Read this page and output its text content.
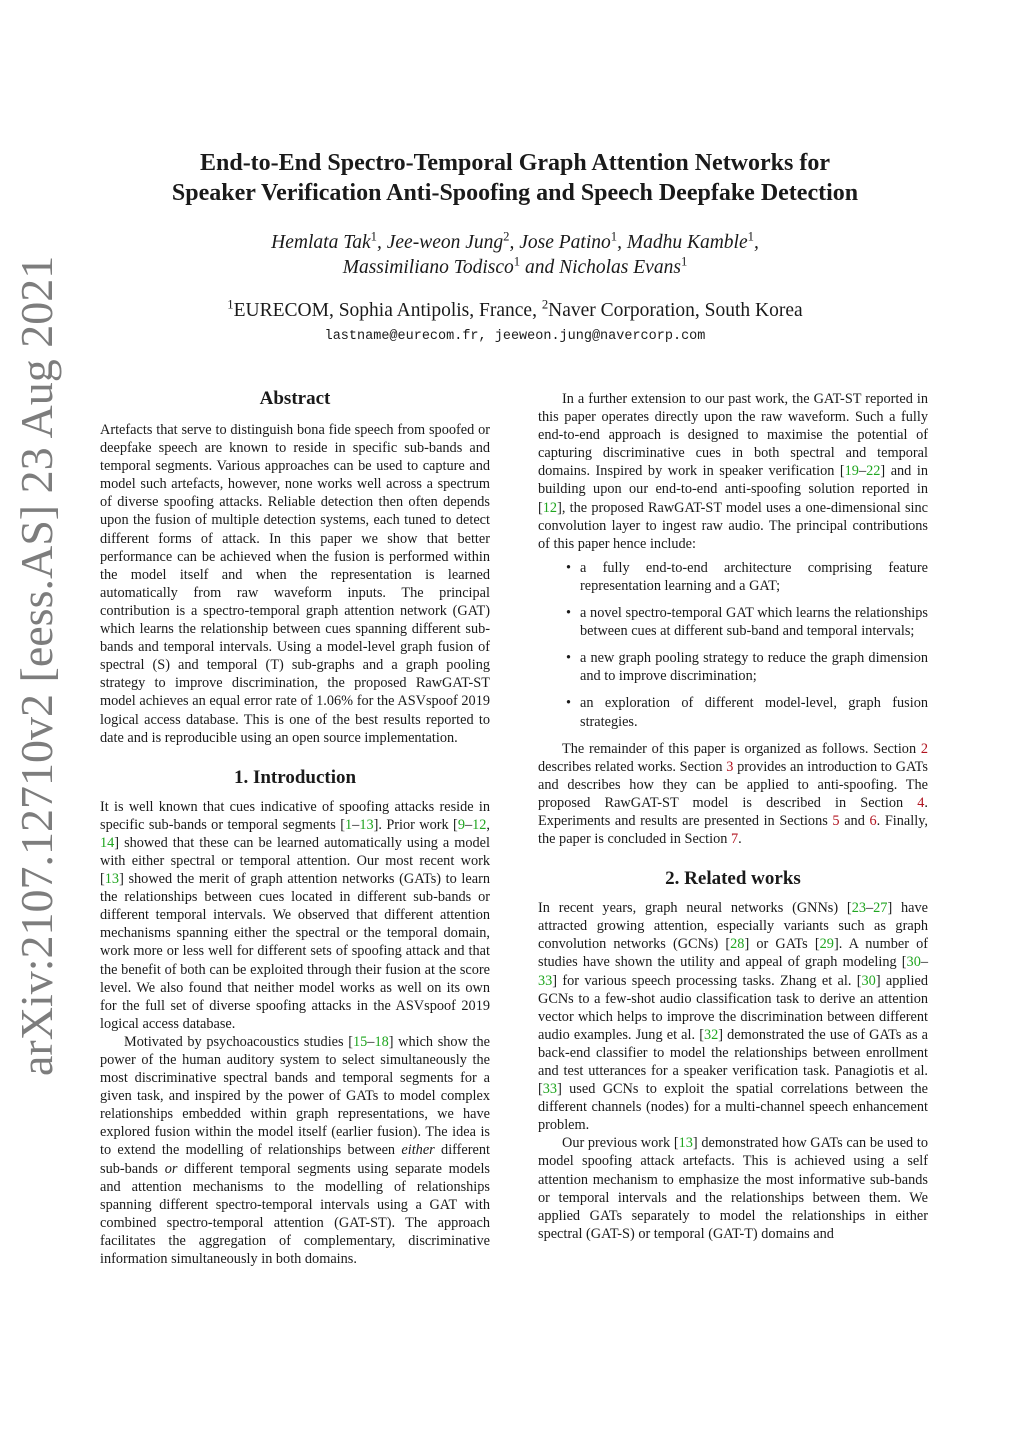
arXiv:2107.12710v2 [eess.AS] 23 Aug 2021
End-to-End Spectro-Temporal Graph Attention Networks for
Speaker Verification Anti-Spoofing and Speech Deepfake Detection
Hemlata Tak$^1$, Jee-weon Jung$^2$, Jose Patino$^1$, Madhu Kamble$^1$,
Massimiliano Todisco$^1$ and Nicholas Evans$^1$
$^1$EURECOM, Sophia Antipolis, France, $^2$Naver Corporation, South Korea
lastname@eurecom.fr, jeeweon.jung@navercorp.com
Abstract

Artefacts that serve to distinguish bona fide speech from spoofed or deepfake speech are known to reside in specific sub-bands and temporal segments. Various approaches can be used to capture and model such artefacts, however, none works well across a spectrum of diverse spoofing attacks. Reliable detection then often depends upon the fusion of multiple detection systems, each tuned to detect different forms of attack. In this paper we show that better performance can be achieved when the fusion is performed within the model itself and when the representation is learned automatically from raw waveform inputs. The principal contribution is a spectro-temporal graph attention network (GAT) which learns the relationship between cues spanning different sub-bands and temporal intervals. Using a model-level graph fusion of spectral (S) and temporal (T) sub-graphs and a graph pooling strategy to improve discrimination, the proposed RawGAT-ST model achieves an equal error rate of 1.06% for the ASVspoof 2019 logical access database. This is one of the best results reported to date and is reproducible using an open source implementation.

1. Introduction

It is well known that cues indicative of spoofing attacks reside in specific sub-bands or temporal segments [1–13]. Prior work [9–12, 14] showed that these can be learned automatically using a model with either spectral or temporal attention. Our most recent work [13] showed the merit of graph attention networks (GATs) to learn the relationships between cues located in different sub-bands or different temporal intervals. We observed that different attention mechanisms spanning either the spectral or the temporal domain, work more or less well for different sets of spoofing attack and that the benefit of both can be exploited through their fusion at the score level. We also found that neither model works as well on its own for the full set of diverse spoofing attacks in the ASVspoof 2019 logical access database.

Motivated by psychoacoustics studies [15–18] which show the power of the human auditory system to select simultaneously the most discriminative spectral bands and temporal segments for a given task, and inspired by the power of GATs to model complex relationships embedded within graph representations, we have explored fusion within the model itself (earlier fusion). The idea is to extend the modelling of relationships between either different sub-bands or different temporal segments using separate models and attention mechanisms to the modelling of relationships spanning different spectro-temporal intervals using a GAT with combined spectro-temporal attention (GAT-ST). The approach facilitates the aggregation of complementary, discriminative information simultaneously in both domains.

In a further extension to our past work, the GAT-ST reported in this paper operates directly upon the raw waveform. Such a fully end-to-end approach is designed to maximise the potential of capturing discriminative cues in both spectral and temporal domains. Inspired by work in speaker verification [19–22] and in building upon our end-to-end anti-spoofing solution reported in [12], the proposed RawGAT-ST model uses a one-dimensional sinc convolution layer to ingest raw audio. The principal contributions of this paper hence include:

• a fully end-to-end architecture comprising feature representation learning and a GAT;
• a novel spectro-temporal GAT which learns the relationships between cues at different sub-band and temporal intervals;
• a new graph pooling strategy to reduce the graph dimension and to improve discrimination;
• an exploration of different model-level, graph fusion strategies.

The remainder of this paper is organized as follows. Section 2 describes related works. Section 3 provides an introduction to GATs and describes how they can be applied to anti-spoofing. The proposed RawGAT-ST model is described in Section 4. Experiments and results are presented in Sections 5 and 6. Finally, the paper is concluded in Section 7.

2. Related works

In recent years, graph neural networks (GNNs) [23–27] have attracted growing attention, especially variants such as graph convolution networks (GCNs) [28] or GATs [29]. A number of studies have shown the utility and appeal of graph modeling [30–33] for various speech processing tasks. Zhang et al. [30] applied GCNs to a few-shot audio classification task to derive an attention vector which helps to improve the discrimination between different audio examples. Jung et al. [32] demonstrated the use of GATs as a back-end classifier to model the relationships between enrollment and test utterances for a speaker verification task. Panagiotis et al. [33] used GCNs to exploit the spatial correlations between the different channels (nodes) for a multi-channel speech enhancement problem.

Our previous work [13] demonstrated how GATs can be used to model spoofing attack artefacts. This is achieved using a self attention mechanism to emphasize the most informative sub-bands or temporal intervals and the relationships between them. We applied GATs separately to model the relationships in either spectral (GAT-S) or temporal (GAT-T) domains and
